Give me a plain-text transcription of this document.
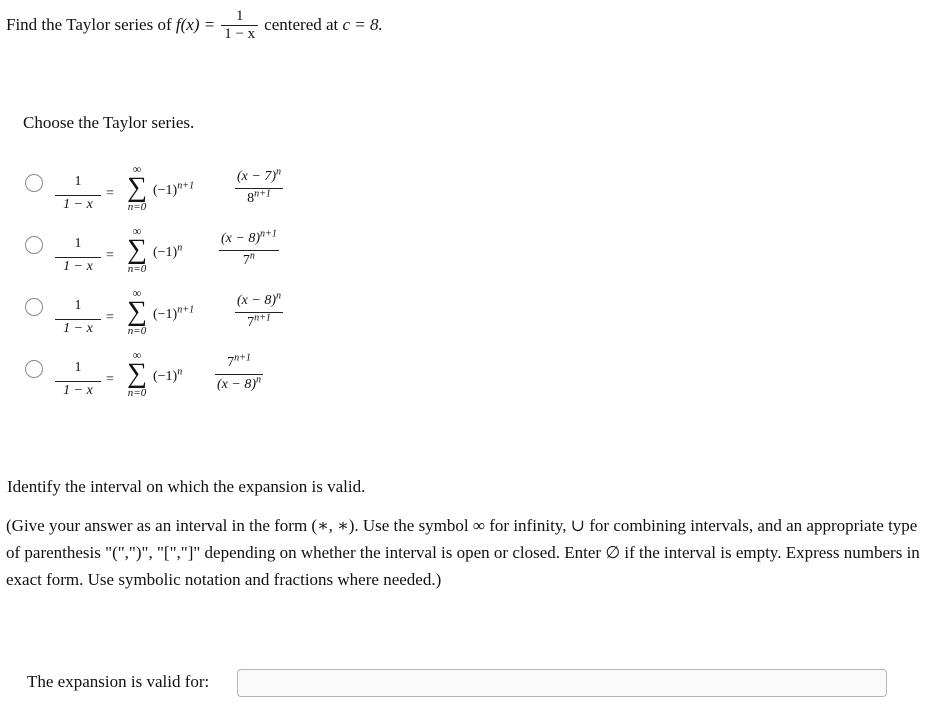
Find the Taylor series of
$f(x) = \frac{1}{1 - x}$ centered at
c = 8.
Choose the Taylor series.
$\frac{1}{1 - x}$ =
∞
∑
n=0
$(-1)^{n+1}$	$\frac{(x - 7)^n}{8^{n+1}}$
$\frac{1}{1 - x}$ =
∞
∑
n=0
$(-1)^n$	$\frac{(x - 8)^{n+1}}{7^n}$
$\frac{1}{1 - x}$ =
∞
∑
n=0
$(-1)^{n+1}$	$\frac{(x - 8)^n}{7^{n+1}}$
$\frac{1}{1 - x}$ =
∞
∑
n=0
$(-1)^n \frac{7^{n+1}}{(x - 8)^n}$
Identify the interval on which the expansion is valid.
(Give your answer as an interval in the form (∗, ∗). Use the symbol ∞ for infinity, ∪ for combining intervals, and an appropriate type of parenthesis "(",")", "[","]" depending on whether the interval is open or closed. Enter ∅ if the interval is empty. Express numbers in exact form. Use symbolic notation and fractions where needed.)
The expansion is valid for:
